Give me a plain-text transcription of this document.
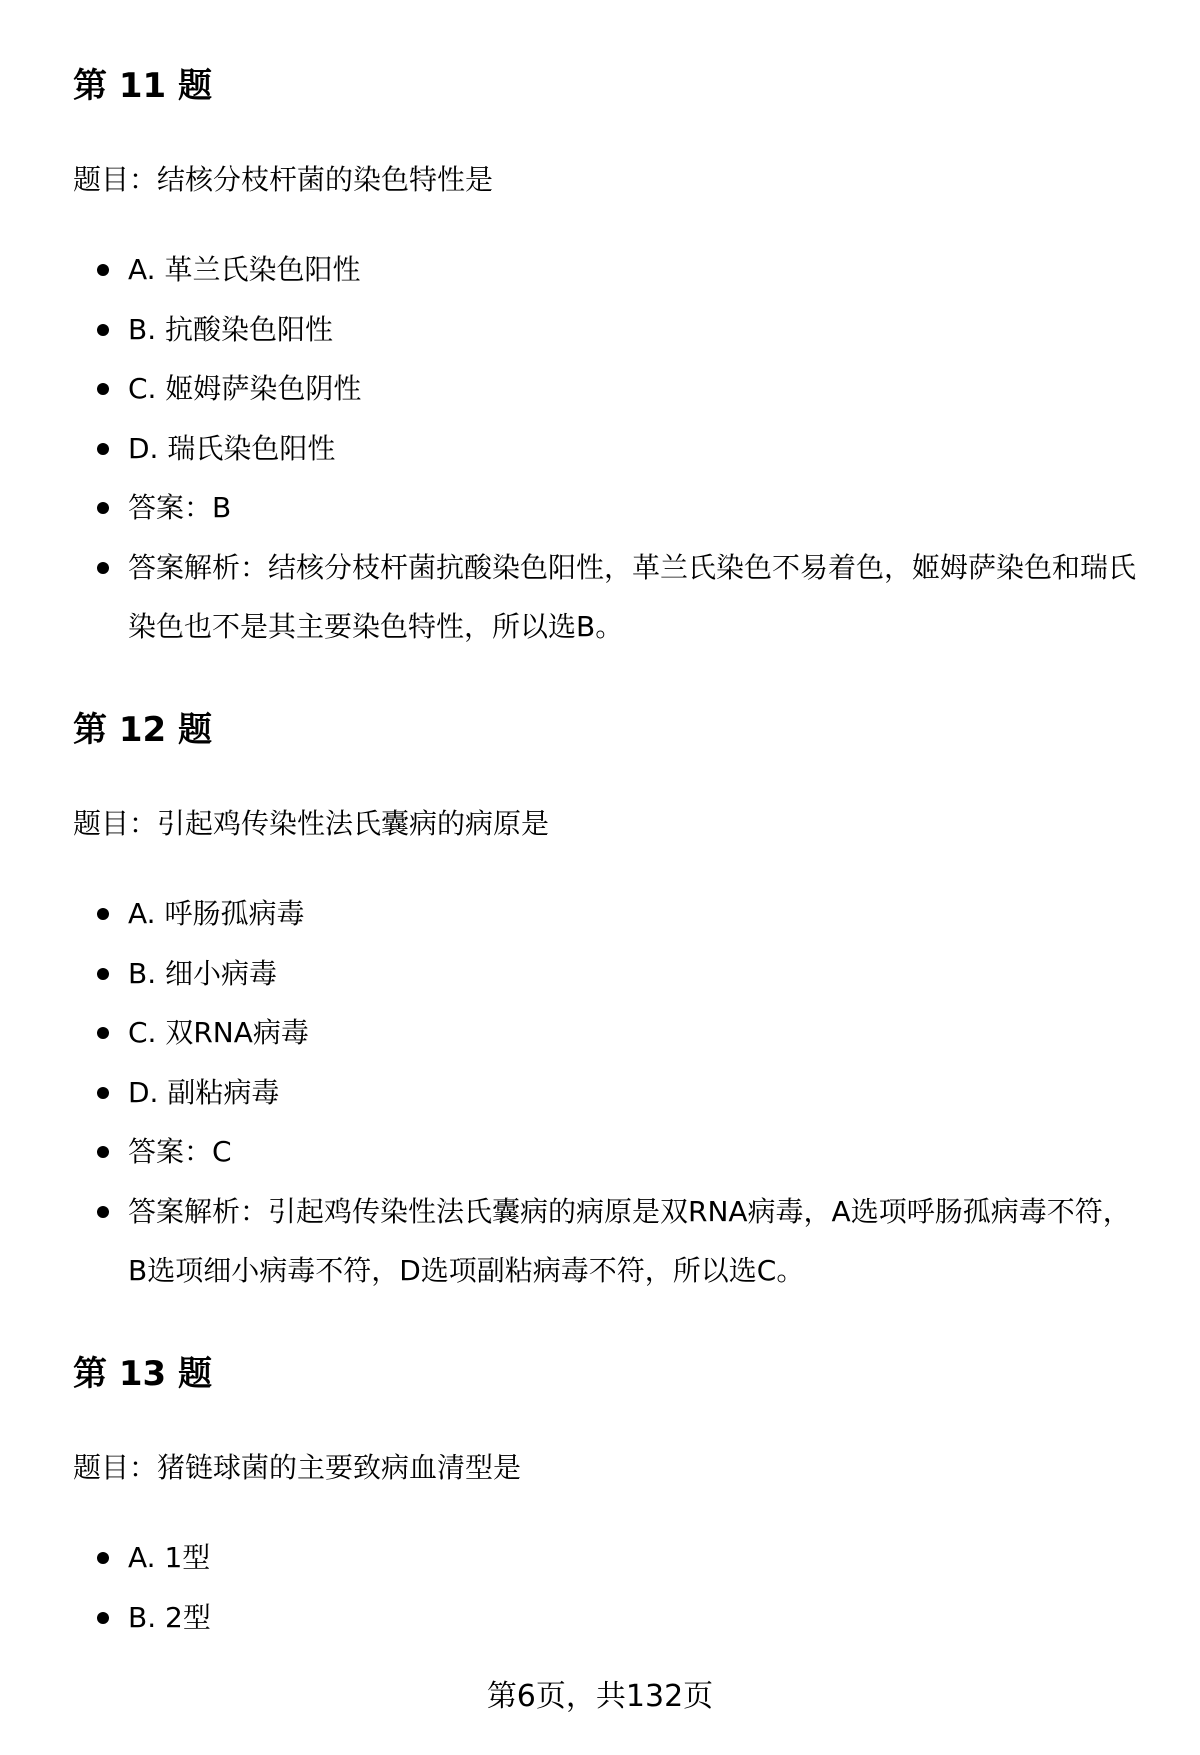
第 11 题

题目：结核分枝杆菌的染色特性是

A. 革兰氏染色阳性
B. 抗酸染色阳性
C. 姬姆萨染色阴性
D. 瑞氏染色阳性
答案：B
答案解析：结核分枝杆菌抗酸染色阳性，革兰氏染色不易着色，姬姆萨染色和瑞氏染色也不是其主要染色特性，所以选B。
第 12 题

题目：引起鸡传染性法氏囊病的病原是

A. 呼肠孤病毒
B. 细小病毒
C. 双RNA病毒
D. 副粘病毒
答案：C
答案解析：引起鸡传染性法氏囊病的病原是双RNA病毒，A选项呼肠孤病毒不符，B选项细小病毒不符，D选项副粘病毒不符，所以选C。
第 13 题

题目：猪链球菌的主要致病血清型是

A. 1型
B. 2型
第6页，共132页
